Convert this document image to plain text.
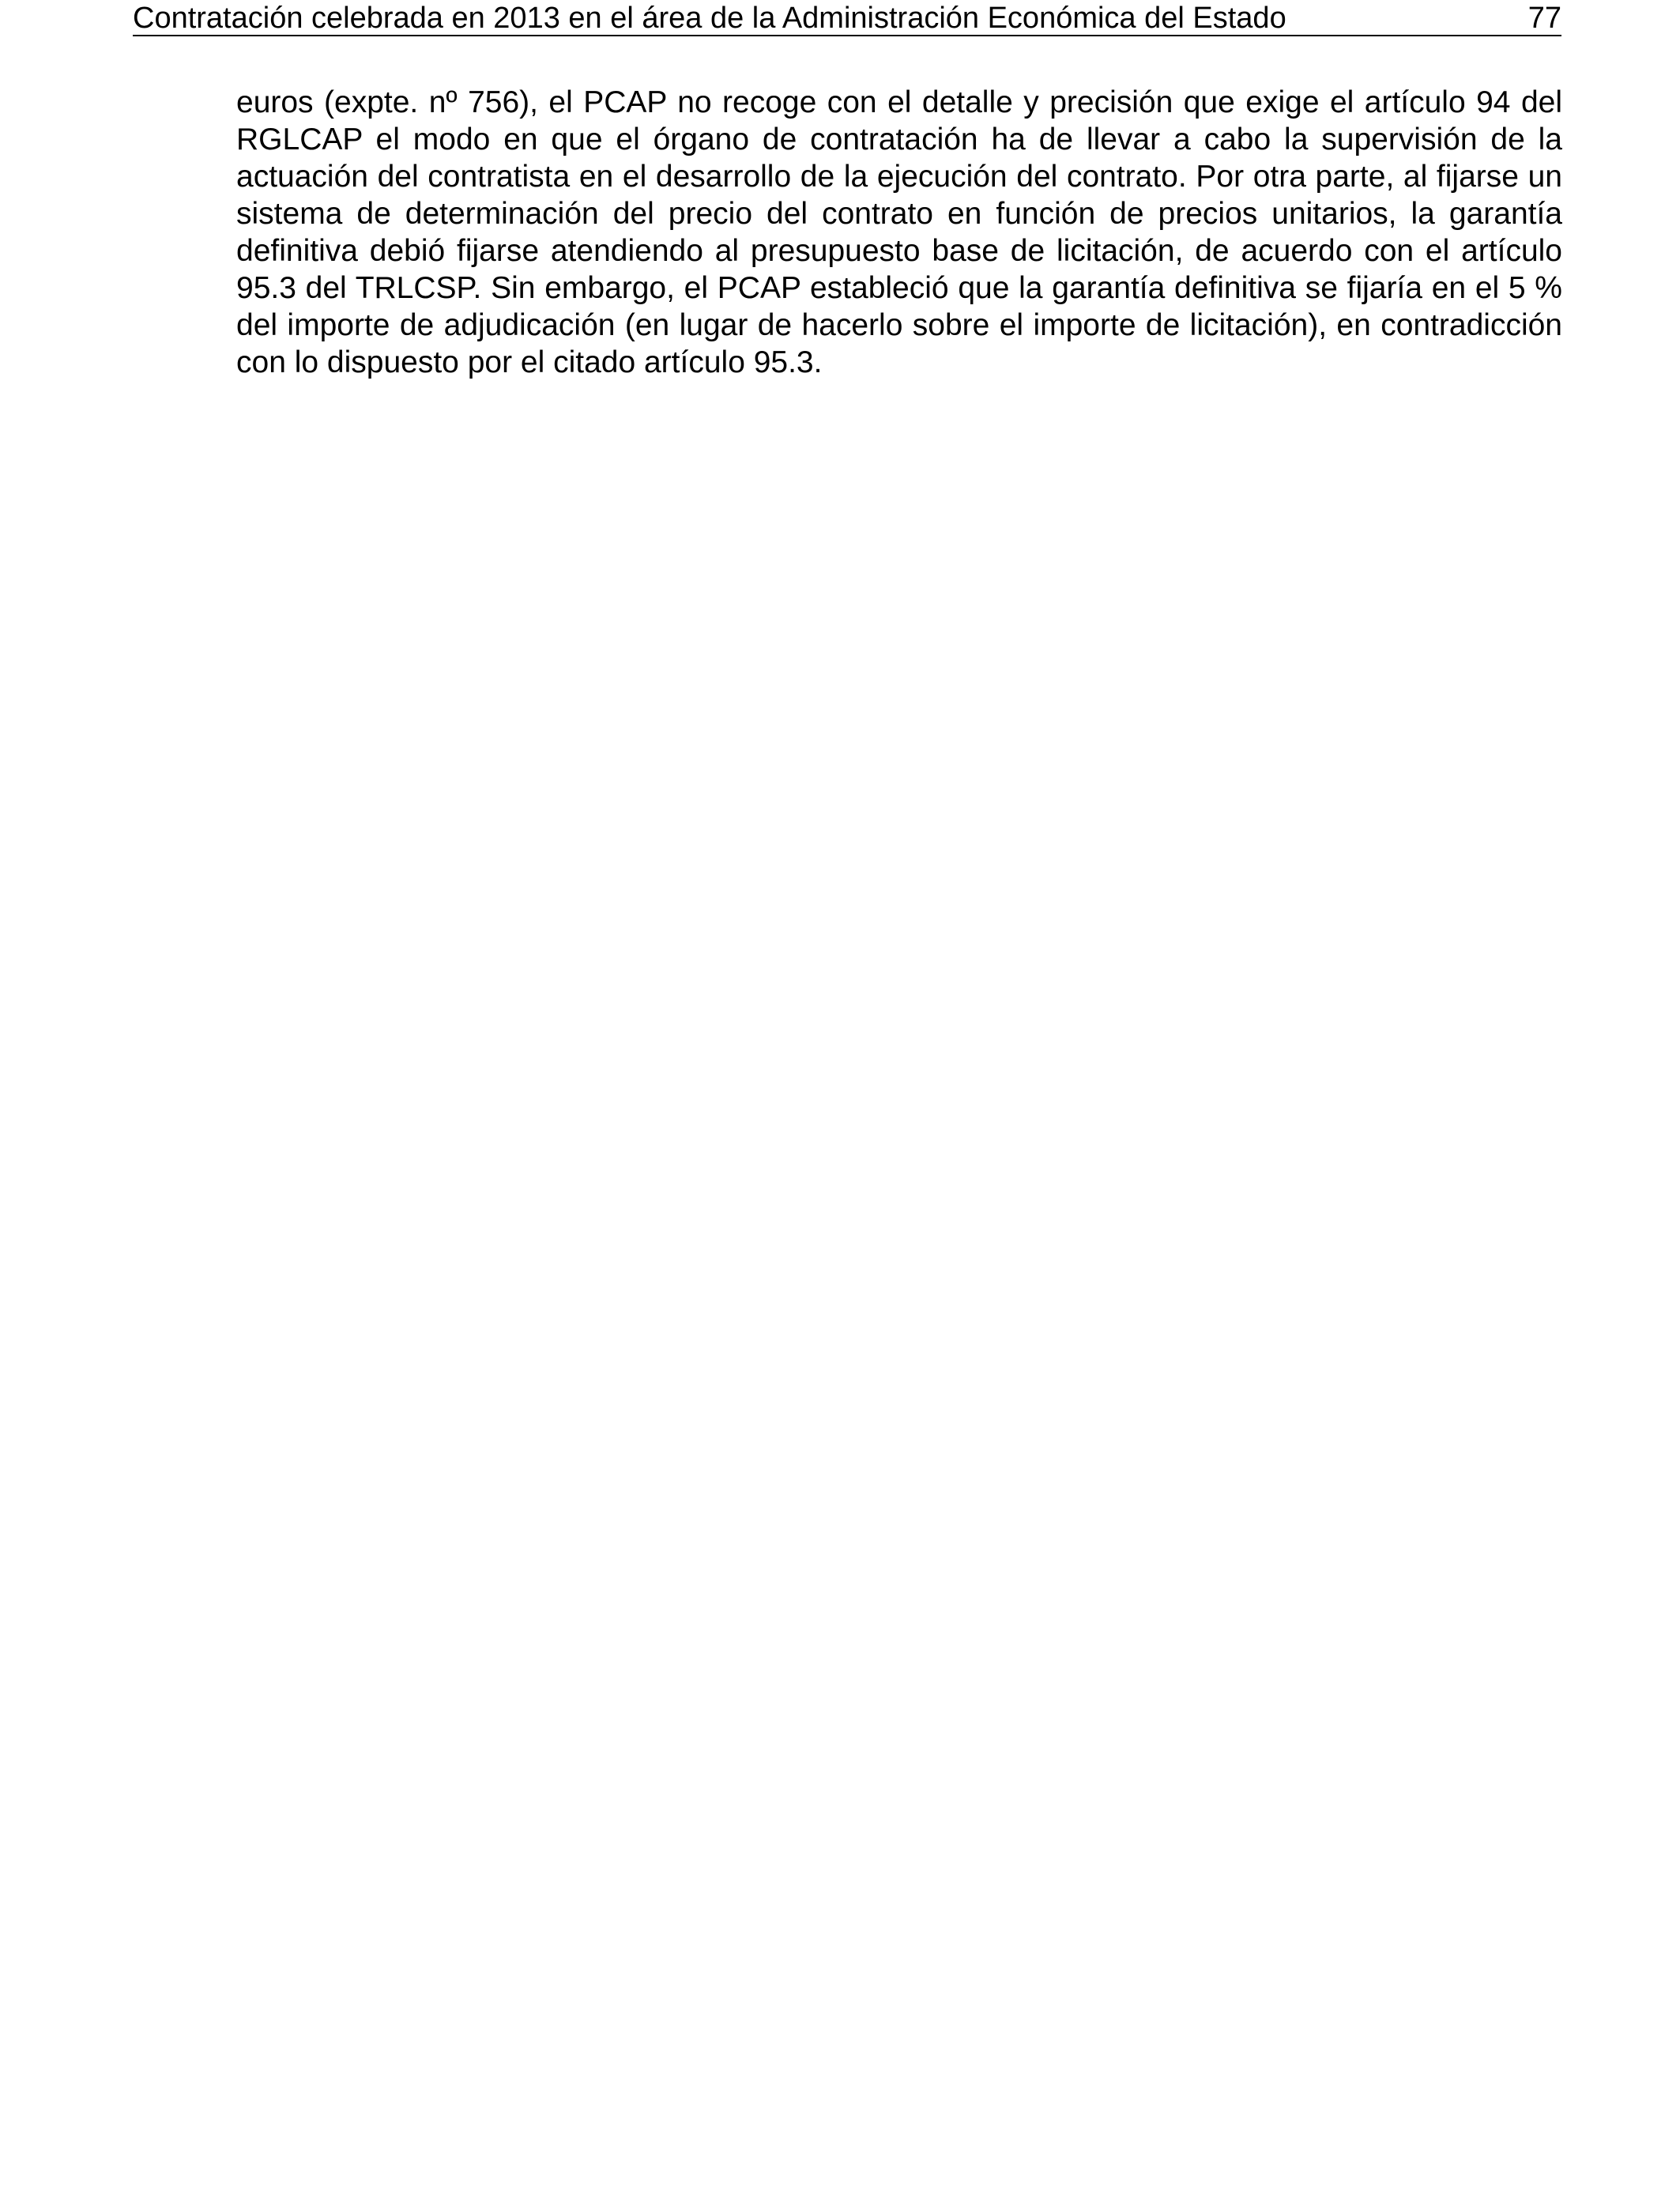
Contratación celebrada en 2013 en el área de la Administración Económica del Estado	77

euros (expte. nº 756), el PCAP no recoge con el detalle y precisión que exige el artículo 94 del RGLCAP el modo en que el órgano de contratación ha de llevar a cabo la supervisión de la actuación del contratista en el desarrollo de la ejecución del contrato. Por otra parte, al fijarse un sistema de determinación del precio del contrato en función de precios unitarios, la garantía definitiva debió fijarse atendiendo al presupuesto base de licitación, de acuerdo con el artículo 95.3 del TRLCSP. Sin embargo, el PCAP estableció que la garantía definitiva se fijaría en el 5 % del importe de adjudicación (en lugar de hacerlo sobre el importe de licitación), en contradicción con lo dispuesto por el citado artículo 95.3.
